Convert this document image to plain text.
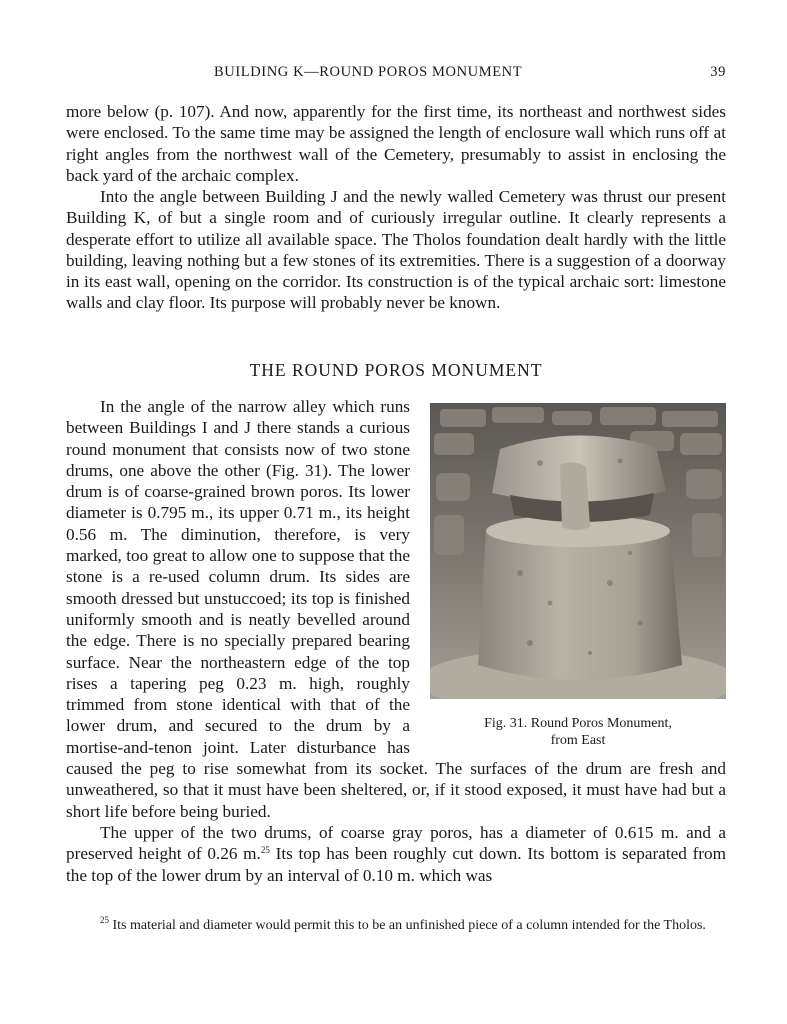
BUILDING K—ROUND POROS MONUMENT	39

more below (p. 107). And now, apparently for the first time, its northeast and northwest sides were enclosed. To the same time may be assigned the length of enclosure wall which runs off at right angles from the northwest wall of the Cemetery, presumably to assist in enclosing the back yard of the archaic complex.

Into the angle between Building J and the newly walled Cemetery was thrust our present Building K, of but a single room and of curiously irregular outline. It clearly represents a desperate effort to utilize all available space. The Tholos foundation dealt hardly with the little building, leaving nothing but a few stones of its extremities. There is a suggestion of a doorway in its east wall, opening on the corridor. Its construction is of the typical archaic sort: limestone walls and clay floor. Its purpose will probably never be known.

THE ROUND POROS MONUMENT
Fig. 31. Round Poros Monument,
from East

In the angle of the narrow alley which runs between Buildings I and J there stands a curious round monument that consists now of two stone drums, one above the other (Fig. 31). The lower drum is of coarse-grained brown poros. Its lower diameter is 0.795 m., its upper 0.71 m., its height 0.56 m. The diminution, therefore, is very marked, too great to allow one to suppose that the stone is a re-used column drum. Its sides are smooth dressed but unstuccoed; its top is finished uniformly smooth and is neatly bevelled around the edge. There is no specially prepared bearing surface. Near the northeastern edge of the top rises a tapering peg 0.23 m. high, roughly trimmed from stone identical with that of the lower drum, and secured to the drum by a mortise-and-tenon joint. Later disturbance has caused the peg to rise somewhat from its socket. The surfaces of the drum are fresh and unweathered, so that it must have been sheltered, or, if it stood exposed, it must have had but a short life before being buried.

The upper of the two drums, of coarse gray poros, has a diameter of 0.615 m. and a preserved height of 0.26 m.$^{25}$ Its top has been roughly cut down. Its bottom is separated from the top of the lower drum by an interval of 0.10 m. which was

$^{25}$ Its material and diameter would permit this to be an unfinished piece of a column intended for the Tholos.
